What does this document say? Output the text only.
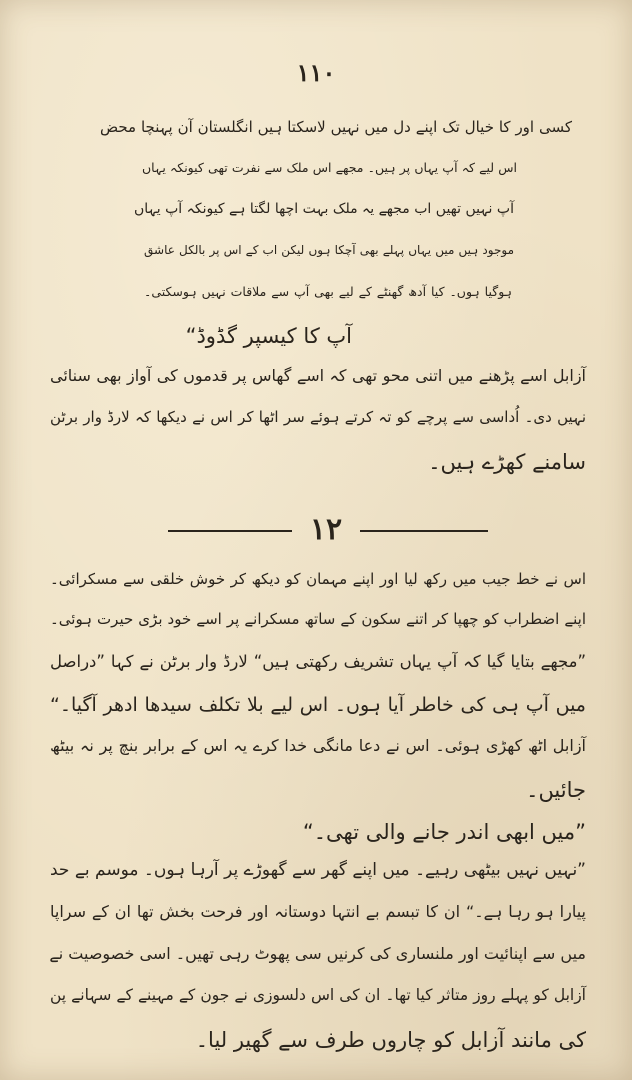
١١٠
کسی اور کا خیال تک اپنے دل میں نہیں لاسکتا ہیں انگلستان آن پہنچا محض
اس لیے کہ آپ یہاں پر ہیں۔ مجھے اس ملک سے نفرت تھی کیونکہ یہاں
آپ نہیں تھیں اب مجھے یہ ملک بہت اچھا لگتا ہے کیونکہ آپ یہاں
موجود ہیں میں یہاں پہلے بھی آچکا ہوں لیکن اب کے اس پر بالکل عاشق
ہوگیا ہوں۔ کیا آدھ گھنٹے کے لیے بھی آپ سے ملاقات نہیں ہوسکتی۔
آپ کا کیسپر گڈوڈ“
آزابل اسے پڑھنے میں اتنی محو تھی کہ اسے گھاس پر قدموں کی آواز بھی سنائی
نہیں دی۔ اُداسی سے پرچے کو تہ کرتے ہوئے سر اٹھا کر اس نے دیکھا کہ لارڈ وار برٹن
سامنے کھڑے ہیں۔
۱۲
اس نے خط جیب میں رکھ لیا اور اپنے مہمان کو دیکھ کر خوش خلقی سے مسکرائی۔
اپنے اضطراب کو چھپا کر اتنے سکون کے ساتھ مسکرانے پر اسے خود بڑی حیرت ہوئی۔
”مجھے بتایا گیا کہ آپ یہاں تشریف رکھتی ہیں“ لارڈ وار برٹن نے کہا ”دراصل
میں آپ ہی کی خاطر آیا ہوں۔ اس لیے بلا تکلف سیدھا ادھر آگیا۔“
آزابل اٹھ کھڑی ہوئی۔ اس نے دعا مانگی خدا کرے یہ اس کے برابر بنچ پر نہ بیٹھ
جائیں۔
”میں ابھی اندر جانے والی تھی۔“
”نہیں نہیں بیٹھی رہیے۔ میں اپنے گھر سے گھوڑے پر آرہا ہوں۔ موسم بے حد
پیارا ہو رہا ہے۔“ ان کا تبسم بے انتہا دوستانہ اور فرحت بخش تھا ان کے سراپا
میں سے اپنائیت اور ملنساری کی کرنیں سی پھوٹ رہی تھیں۔ اسی خصوصیت نے
آزابل کو پہلے روز متاثر کیا تھا۔ ان کی اس دلسوزی نے جون کے مہینے کے سہانے پن
کی مانند آزابل کو چاروں طرف سے گھیر لیا۔
